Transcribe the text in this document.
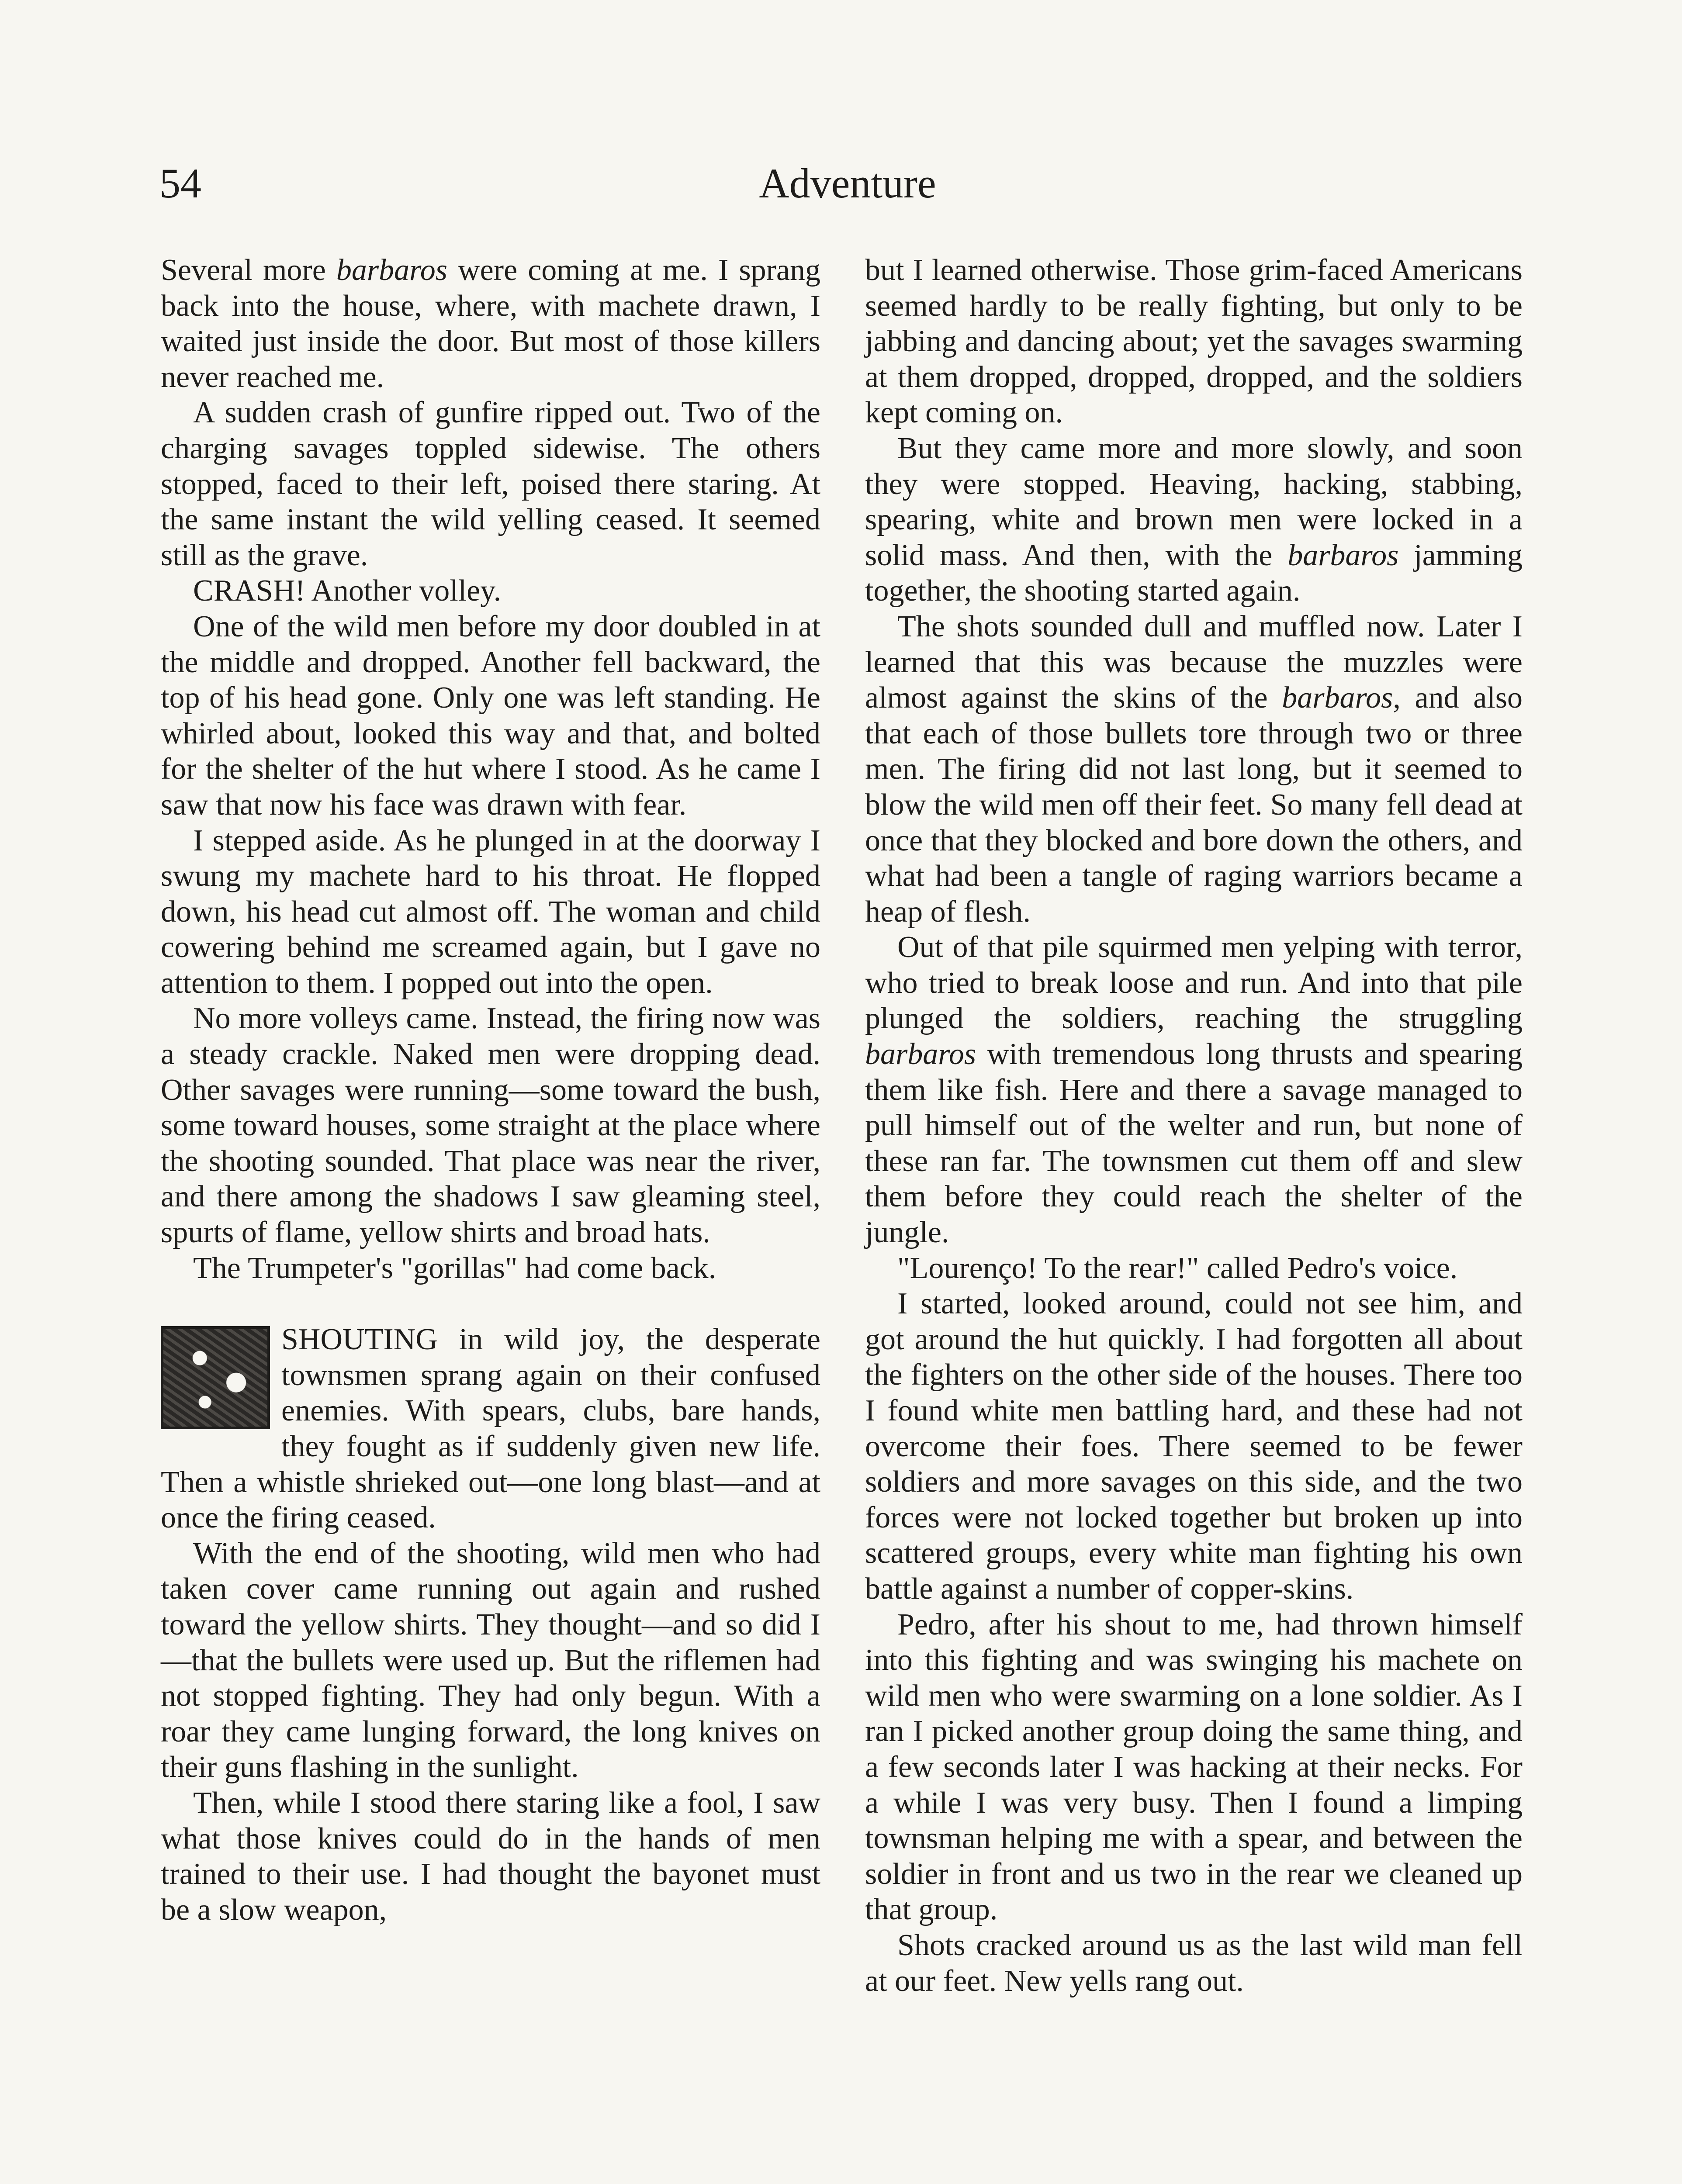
54	Adventure

Several more barbaros were coming at me. I sprang back into the house, where, with machete drawn, I waited just inside the door. But most of those killers never reached me.

A sudden crash of gunfire ripped out. Two of the charging savages toppled sidewise. The others stopped, faced to their left, poised there staring. At the same instant the wild yelling ceased. It seemed still as the grave.

CRASH! Another volley.

One of the wild men before my door doubled in at the middle and dropped. Another fell backward, the top of his head gone. Only one was left standing. He whirled about, looked this way and that, and bolted for the shelter of the hut where I stood. As he came I saw that now his face was drawn with fear.

I stepped aside. As he plunged in at the doorway I swung my machete hard to his throat. He flopped down, his head cut almost off. The woman and child cowering behind me screamed again, but I gave no attention to them. I popped out into the open.

No more volleys came. Instead, the firing now was a steady crackle. Naked men were dropping dead. Other savages were running—some toward the bush, some toward houses, some straight at the place where the shooting sounded. That place was near the river, and there among the shadows I saw gleaming steel, spurts of flame, yellow shirts and broad hats.

The Trumpeter's "gorillas" had come back.

SHOUTING in wild joy, the desperate townsmen sprang again on their confused enemies. With spears, clubs, bare hands, they fought as if suddenly given new life. Then a whistle shrieked out—one long blast—and at once the firing ceased.

With the end of the shooting, wild men who had taken cover came running out again and rushed toward the yellow shirts. They thought—and so did I—that the bullets were used up. But the riflemen had not stopped fighting. They had only begun. With a roar they came lunging forward, the long knives on their guns flashing in the sunlight.

Then, while I stood there staring like a fool, I saw what those knives could do in the hands of men trained to their use. I had thought the bayonet must be a slow weapon,

but I learned otherwise. Those grim-faced Americans seemed hardly to be really fighting, but only to be jabbing and dancing about; yet the savages swarming at them dropped, dropped, dropped, and the soldiers kept coming on.

But they came more and more slowly, and soon they were stopped. Heaving, hacking, stabbing, spearing, white and brown men were locked in a solid mass. And then, with the barbaros jamming together, the shooting started again.

The shots sounded dull and muffled now. Later I learned that this was because the muzzles were almost against the skins of the barbaros, and also that each of those bullets tore through two or three men. The firing did not last long, but it seemed to blow the wild men off their feet. So many fell dead at once that they blocked and bore down the others, and what had been a tangle of raging warriors became a heap of flesh.

Out of that pile squirmed men yelping with terror, who tried to break loose and run. And into that pile plunged the soldiers, reaching the struggling barbaros with tremendous long thrusts and spearing them like fish. Here and there a savage managed to pull himself out of the welter and run, but none of these ran far. The townsmen cut them off and slew them before they could reach the shelter of the jungle.

"Lourenço! To the rear!" called Pedro's voice.

I started, looked around, could not see him, and got around the hut quickly. I had forgotten all about the fighters on the other side of the houses. There too I found white men battling hard, and these had not overcome their foes. There seemed to be fewer soldiers and more savages on this side, and the two forces were not locked together but broken up into scattered groups, every white man fighting his own battle against a number of copper-skins.

Pedro, after his shout to me, had thrown himself into this fighting and was swinging his machete on wild men who were swarming on a lone soldier. As I ran I picked another group doing the same thing, and a few seconds later I was hacking at their necks. For a while I was very busy. Then I found a limping townsman helping me with a spear, and between the soldier in front and us two in the rear we cleaned up that group.

Shots cracked around us as the last wild man fell at our feet. New yells rang out.
